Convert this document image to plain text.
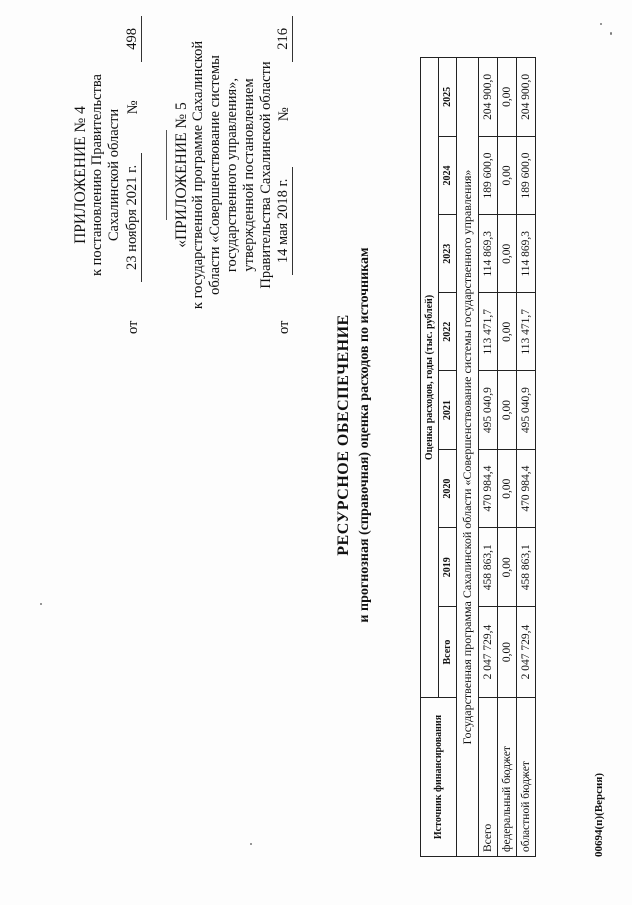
ПРИЛОЖЕНИЕ № 4 к постановлению Правительства Сахалинской области
от
23 ноября 2021 г.
№
498
«ПРИЛОЖЕНИЕ № 5 к государственной программе Сахалинской области «Совершенствование системы государственного управления», утвержденной постановлением Правительства Сахалинской области
от
14 мая 2018 г.
№
216
РЕСУРСНОЕ ОБЕСПЕЧЕНИЕ и прогнозная (справочная) оценка расходов по источникам
Источник финансирования	Оценка расходов, годы (тыс. рублей)							
	Всего	2019	2020	2021	2022	2023	2024	2025
Государственная программа Сахалинской области «Совершенствование системы государственного управления»								
Всего	2 047 729,4	458 863,1	470 984,4	495 040,9	113 471,7	114 869,3	189 600,0	204 900,0
федеральный бюджет	0,00	0,00	0,00	0,00	0,00	0,00	0,00	0,00
областной бюджет	2 047 729,4	458 863,1	470 984,4	495 040,9	113 471,7	114 869,3	189 600,0	204 900,0
00694(п)(Версия)
